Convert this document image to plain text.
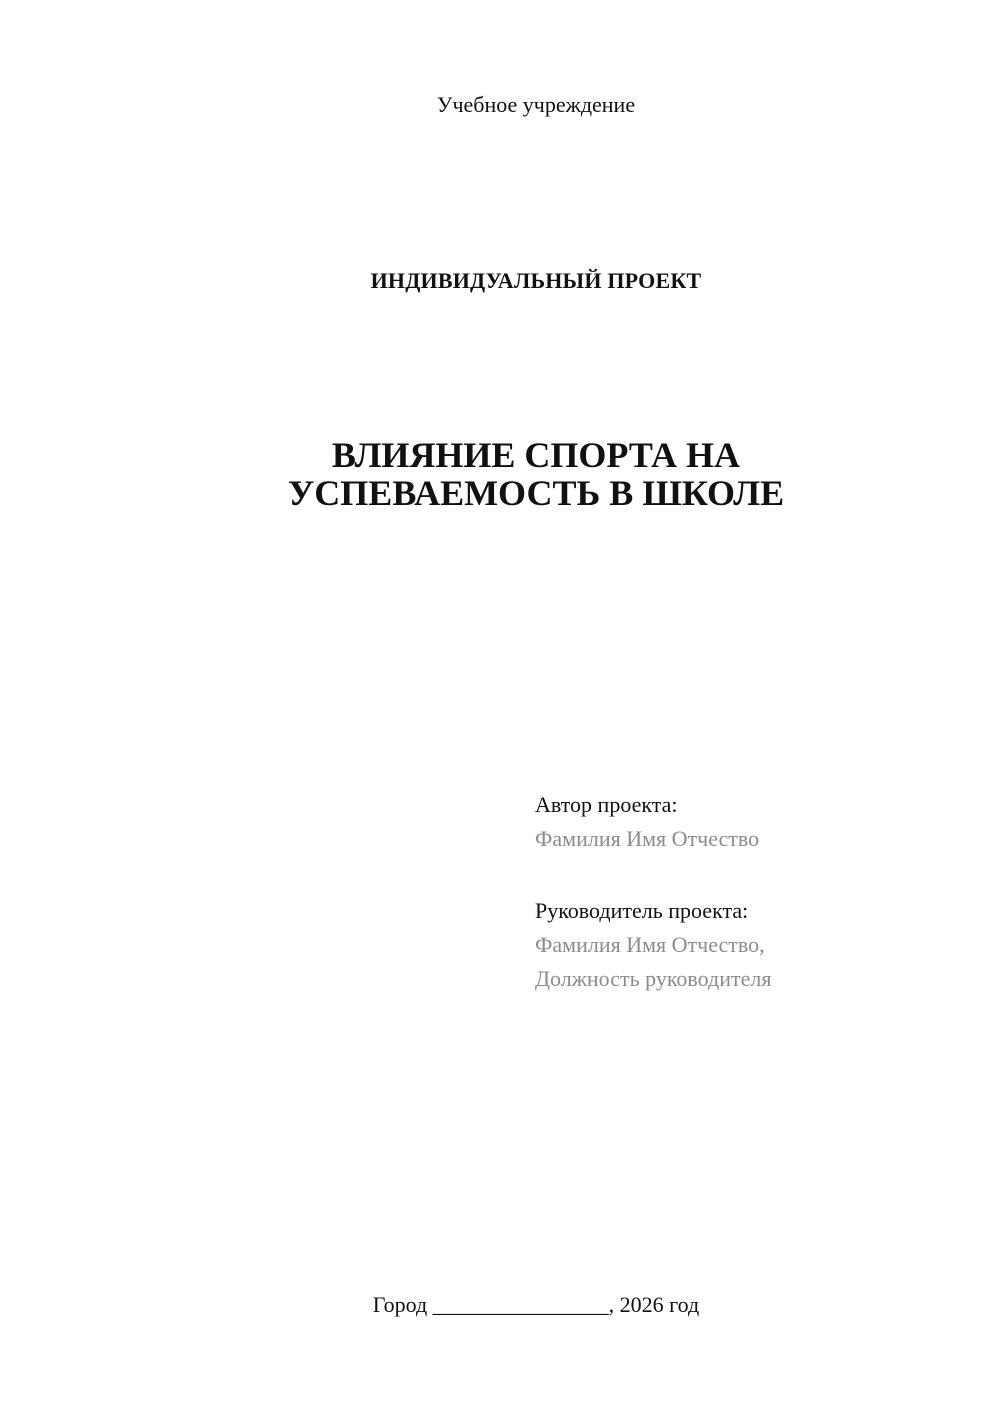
Учебное учреждение
ИНДИВИДУАЛЬНЫЙ ПРОЕКТ
ВЛИЯНИЕ СПОРТА НА
УСПЕВАЕМОСТЬ В ШКОЛЕ
Автор проекта:
Фамилия Имя Отчество
Руководитель проекта:
Фамилия Имя Отчество,
Должность руководителя
Город ________________, 2026 год
